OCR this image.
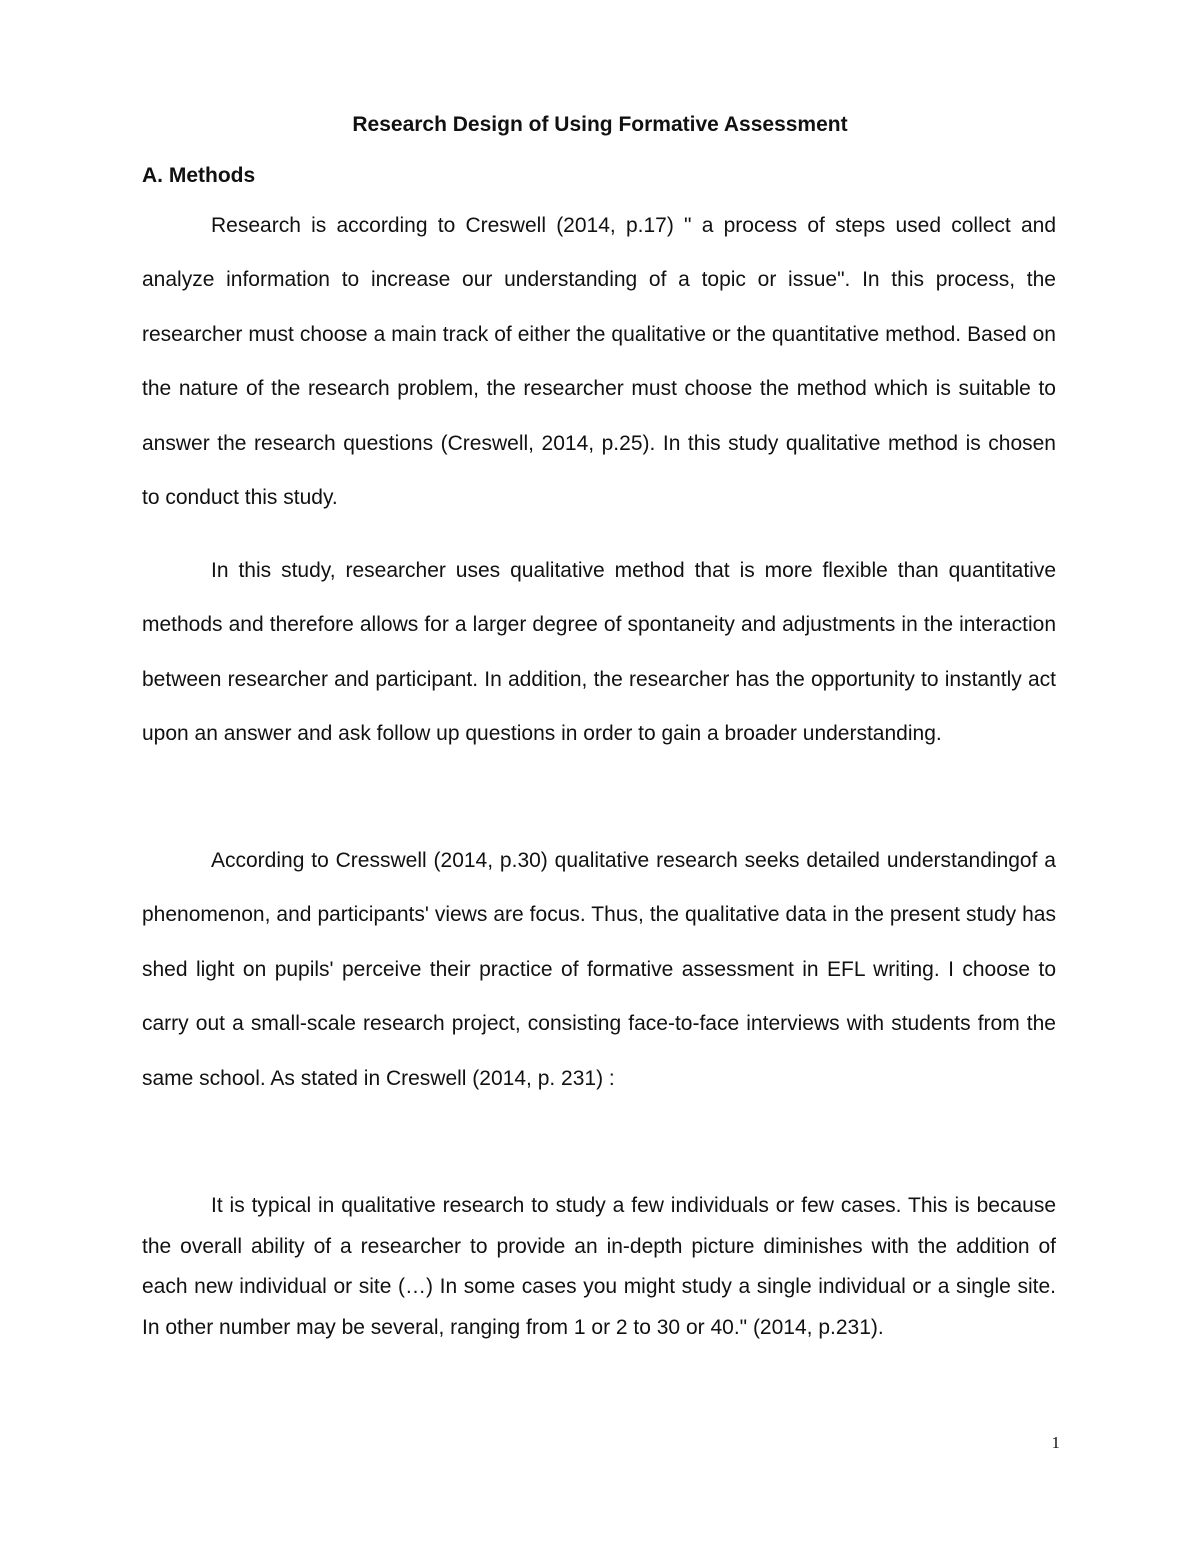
Research Design of Using Formative Assessment
A. Methods

Research is according to Creswell (2014, p.17) " a process of steps used collect and analyze information to increase our understanding of a topic or issue". In this process, the researcher must choose a main track of either the qualitative or the quantitative method. Based on the nature of the research problem, the researcher must choose the method which is suitable to answer the research questions (Creswell, 2014, p.25). In this study qualitative method is chosen to conduct this study.

In this study, researcher uses qualitative method that is more flexible than quantitative methods and therefore allows for a larger degree of spontaneity and adjustments in the interaction between researcher and participant. In addition, the researcher has the opportunity to instantly act upon an answer and ask follow up questions in order to gain a broader understanding.

According to Cresswell (2014, p.30) qualitative research seeks detailed understandingof a phenomenon, and participants' views are focus. Thus, the qualitative data in the present study has shed light on pupils' perceive their practice of formative assessment in EFL writing. I choose to carry out a small-scale research project, consisting face-to-face interviews with students from the same school. As stated in Creswell (2014, p. 231) :

It is typical in qualitative research to study a few individuals or few cases. This is because the overall ability of a researcher to provide an in-depth picture diminishes with the addition of each new individual or site (…) In some cases you might study a single individual or a single site. In other number may be several, ranging from 1 or 2 to 30 or 40." (2014, p.231).

1
